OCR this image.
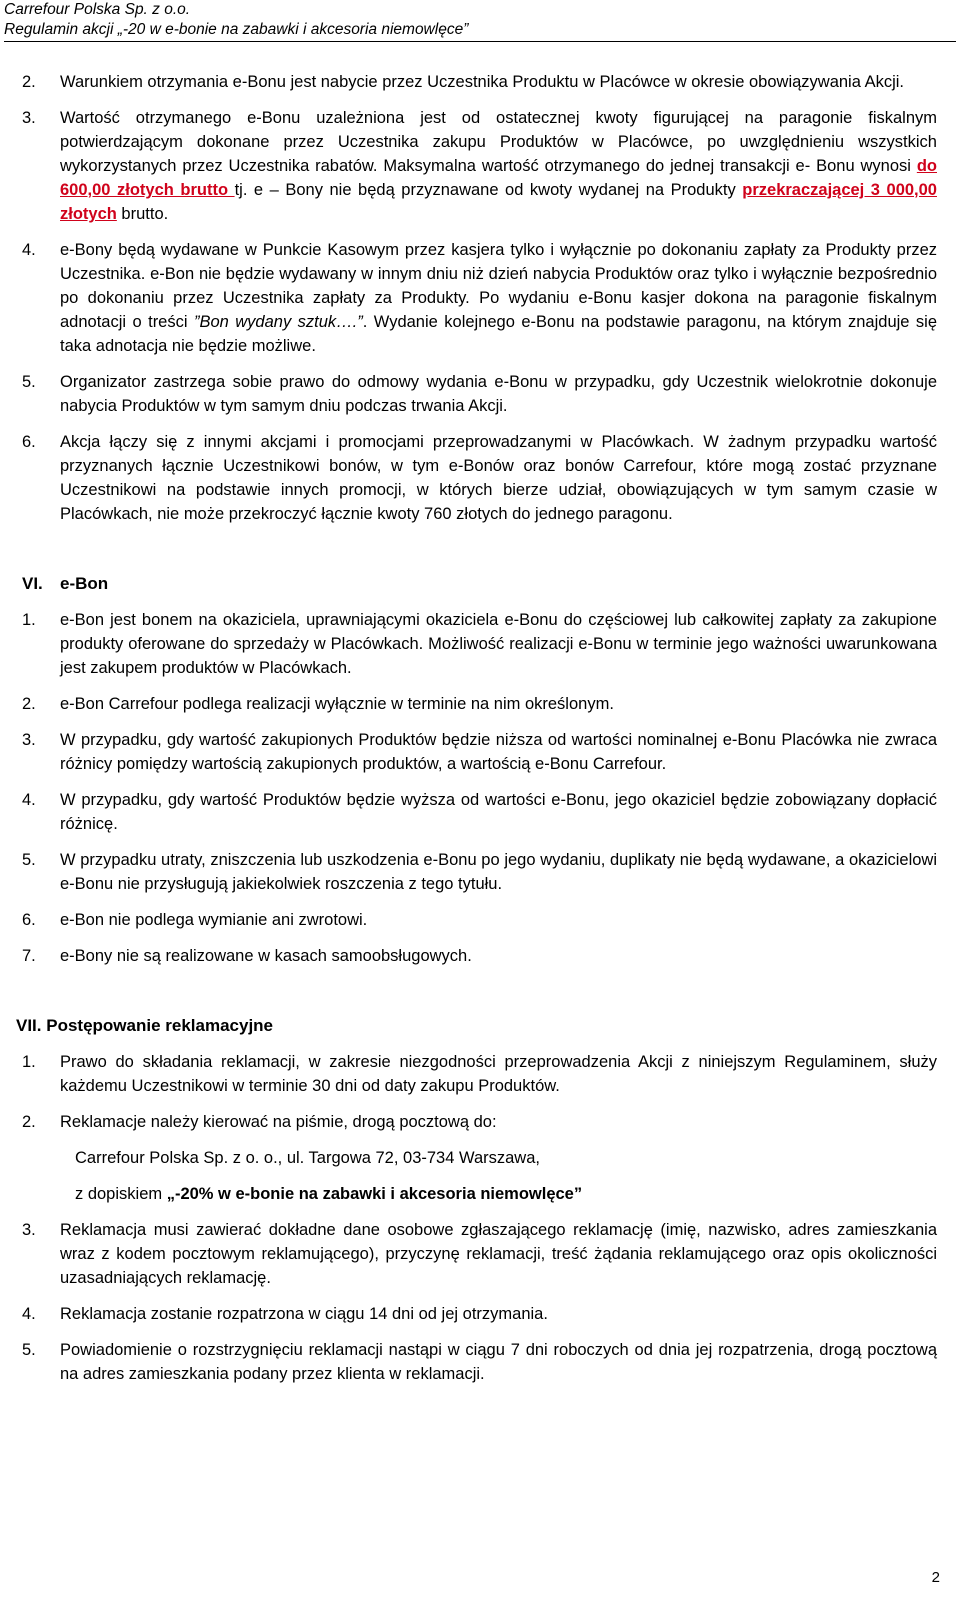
Carrefour Polska Sp. z o.o.
Regulamin akcji „-20 w e-bonie na zabawki i akcesoria niemowlęce”
2.	Warunkiem otrzymania e-Bonu jest nabycie przez Uczestnika Produktu w Placówce w okresie obowiązywania Akcji.
3.	Wartość otrzymanego e-Bonu uzależniona jest od ostatecznej kwoty figurującej na paragonie fiskalnym potwierdzającym dokonane przez Uczestnika zakupu Produktów w Placówce, po uwzględnieniu wszystkich wykorzystanych przez Uczestnika rabatów. Maksymalna wartość otrzymanego do jednej transakcji e- Bonu wynosi do 600,00 złotych brutto tj. e – Bony nie będą przyznawane od kwoty wydanej na Produkty przekraczającej 3 000,00 złotych brutto.
4.	e-Bony będą wydawane w Punkcie Kasowym przez kasjera tylko i wyłącznie po dokonaniu zapłaty za Produkty przez Uczestnika. e-Bon nie będzie wydawany w innym dniu niż dzień nabycia Produktów oraz tylko i wyłącznie bezpośrednio po dokonaniu przez Uczestnika zapłaty za Produkty. Po wydaniu e-Bonu kasjer dokona na paragonie fiskalnym adnotacji o treści ”Bon wydany sztuk….”. Wydanie kolejnego e-Bonu na podstawie paragonu, na którym znajduje się taka adnotacja nie będzie możliwe.
5.	Organizator zastrzega sobie prawo do odmowy wydania e-Bonu w przypadku, gdy Uczestnik wielokrotnie dokonuje nabycia Produktów w tym samym dniu podczas trwania Akcji.
6.	Akcja łączy się z innymi akcjami i promocjami przeprowadzanymi w Placówkach. W żadnym przypadku wartość przyznanych łącznie Uczestnikowi bonów, w tym e-Bonów oraz bonów Carrefour, które mogą zostać przyznane Uczestnikowi na podstawie innych promocji, w których bierze udział, obowiązujących w tym samym czasie w Placówkach, nie może przekroczyć łącznie kwoty 760 złotych do jednego paragonu.
VI.	e-Bon
1.	e-Bon jest bonem na okaziciela, uprawniającymi okaziciela e-Bonu do częściowej lub całkowitej zapłaty za zakupione produkty oferowane do sprzedaży w Placówkach. Możliwość realizacji e-Bonu w terminie jego ważności uwarunkowana jest zakupem produktów w Placówkach.
2.	e-Bon Carrefour podlega realizacji wyłącznie w terminie na nim określonym.
3.	W przypadku, gdy wartość zakupionych Produktów będzie niższa od wartości nominalnej e-Bonu Placówka nie zwraca różnicy pomiędzy wartością zakupionych produktów, a wartością e-Bonu Carrefour.
4.	W przypadku, gdy wartość Produktów będzie wyższa od wartości e-Bonu, jego okaziciel będzie zobowiązany dopłacić różnicę.
5.	W przypadku utraty, zniszczenia lub uszkodzenia e-Bonu po jego wydaniu, duplikaty nie będą wydawane, a okazicielowi e-Bonu nie przysługują jakiekolwiek roszczenia z tego tytułu.
6.	e-Bon nie podlega wymianie ani zwrotowi.
7.	e-Bony nie są realizowane w kasach samoobsługowych.
VII. Postępowanie reklamacyjne
1.	Prawo do składania reklamacji, w zakresie niezgodności przeprowadzenia Akcji z niniejszym Regulaminem, służy każdemu Uczestnikowi w terminie 30 dni od daty zakupu Produktów.
2.	Reklamacje należy kierować na piśmie, drogą pocztową do:
Carrefour Polska Sp. z o. o., ul. Targowa 72, 03-734 Warszawa,
z dopiskiem „-20% w e-bonie na zabawki i akcesoria niemowlęce”
3.	Reklamacja musi zawierać dokładne dane osobowe zgłaszającego reklamację (imię, nazwisko, adres zamieszkania wraz z kodem pocztowym reklamującego), przyczynę reklamacji, treść żądania reklamującego oraz opis okoliczności uzasadniających reklamację.
4.	Reklamacja zostanie rozpatrzona w ciągu 14 dni od jej otrzymania.
5.	Powiadomienie o rozstrzygnięciu reklamacji nastąpi w ciągu 7 dni roboczych od dnia jej rozpatrzenia, drogą pocztową na adres zamieszkania podany przez klienta w reklamacji.
2
